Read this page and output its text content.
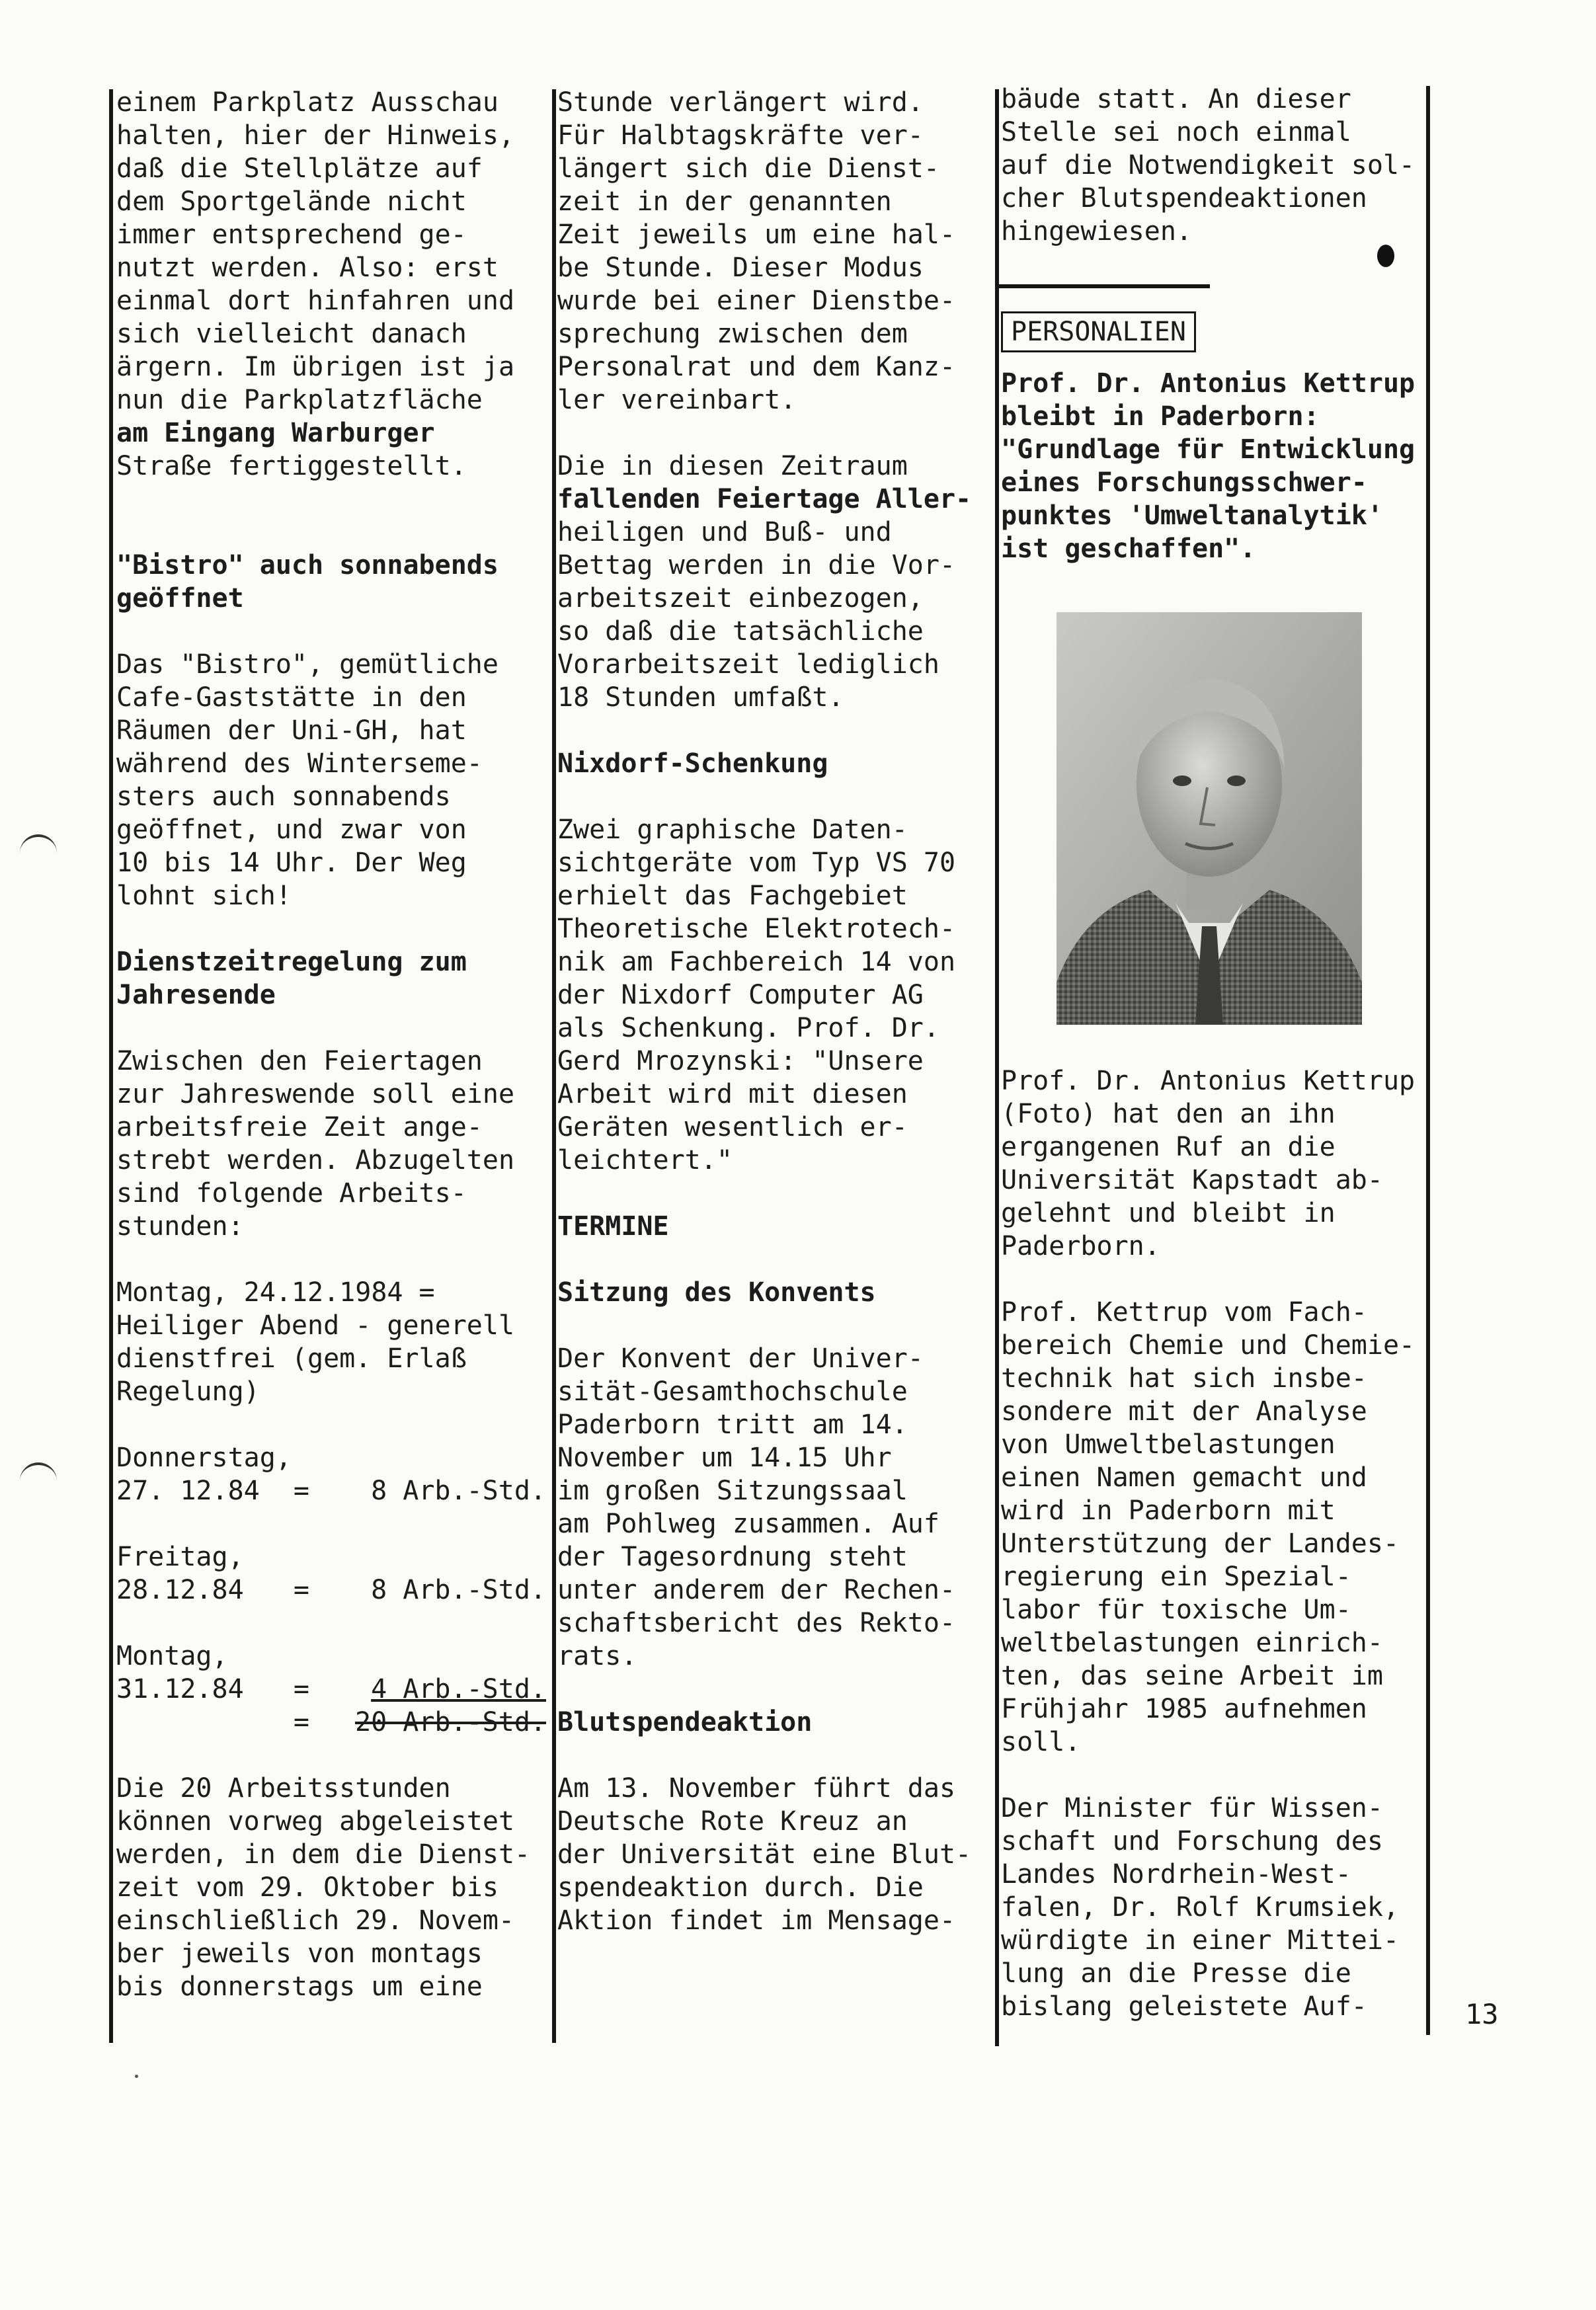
einem Parkplatz Ausschau
halten, hier der Hinweis,
daß die Stellplätze auf
dem Sportgelände nicht
immer entsprechend ge-
nutzt werden. Also: erst
einmal dort hinfahren und
sich vielleicht danach
ärgern. Im übrigen ist ja
nun die Parkplatzfläche
am Eingang Warburger
Straße fertiggestellt.

"Bistro" auch sonnabends
geöffnet

Das "Bistro", gemütliche
Cafe-Gaststätte in den
Räumen der Uni-GH, hat
während des Winterseme-
sters auch sonnabends
geöffnet, und zwar von
10 bis 14 Uhr. Der Weg
lohnt sich!

Dienstzeitregelung zum
Jahresende

Zwischen den Feiertagen
zur Jahreswende soll eine
arbeitsfreie Zeit ange-
strebt werden. Abzugelten
sind folgende Arbeits-
stunden:

Montag, 24.12.1984 =
Heiliger Abend - generell
dienstfrei (gem. Erlaß
Regelung)

Donnerstag,
27. 12.84	=	8 Arb.-Std.
Freitag,
28.12.84	=	8 Arb.-Std.
Montag,
31.12.84	=	4 Arb.-Std.
=	20 Arb.-Std.

Die 20 Arbeitsstunden
können vorweg abgeleistet
werden, in dem die Dienst-
zeit vom 29. Oktober bis
einschließlich 29. Novem-
ber jeweils von montags
bis donnerstags um eine

Stunde verlängert wird.
Für Halbtagskräfte ver-
längert sich die Dienst-
zeit in der genannten
Zeit jeweils um eine hal-
be Stunde. Dieser Modus
wurde bei einer Dienstbe-
sprechung zwischen dem
Personalrat und dem Kanz-
ler vereinbart.

Die in diesen Zeitraum
fallenden Feiertage Aller-
heiligen und Buß- und
Bettag werden in die Vor-
arbeitszeit einbezogen,
so daß die tatsächliche
Vorarbeitszeit lediglich
18 Stunden umfaßt.

Nixdorf-Schenkung

Zwei graphische Daten-
sichtgeräte vom Typ VS 70
erhielt das Fachgebiet
Theoretische Elektrotech-
nik am Fachbereich 14 von
der Nixdorf Computer AG
als Schenkung. Prof. Dr.
Gerd Mrozynski: "Unsere
Arbeit wird mit diesen
Geräten wesentlich er-
leichtert."

TERMINE

Sitzung des Konvents

Der Konvent der Univer-
sität-Gesamthochschule
Paderborn tritt am 14.
November um 14.15 Uhr
im großen Sitzungssaal
am Pohlweg zusammen. Auf
der Tagesordnung steht
unter anderem der Rechen-
schaftsbericht des Rekto-
rats.

Blutspendeaktion

Am 13. November führt das
Deutsche Rote Kreuz an
der Universität eine Blut-
spendeaktion durch. Die
Aktion findet im Mensage-

bäude statt. An dieser
Stelle sei noch einmal
auf die Notwendigkeit sol-
cher Blutspendeaktionen
hingewiesen.

PERSONALIEN

Prof. Dr. Antonius Kettrup
bleibt in Paderborn:
"Grundlage für Entwicklung
eines Forschungsschwer-
punktes 'Umweltanalytik'
ist geschaffen".

Prof. Dr. Antonius Kettrup
(Foto) hat den an ihn
ergangenen Ruf an die
Universität Kapstadt ab-
gelehnt und bleibt in
Paderborn.

Prof. Kettrup vom Fach-
bereich Chemie und Chemie-
technik hat sich insbe-
sondere mit der Analyse
von Umweltbelastungen
einen Namen gemacht und
wird in Paderborn mit
Unterstützung der Landes-
regierung ein Spezial-
labor für toxische Um-
weltbelastungen einrich-
ten, das seine Arbeit im
Frühjahr 1985 aufnehmen
soll.

Der Minister für Wissen-
schaft und Forschung des
Landes Nordrhein-West-
falen, Dr. Rolf Krumsiek,
würdigte in einer Mittei-
lung an die Presse die
bislang geleistete Auf-	13
